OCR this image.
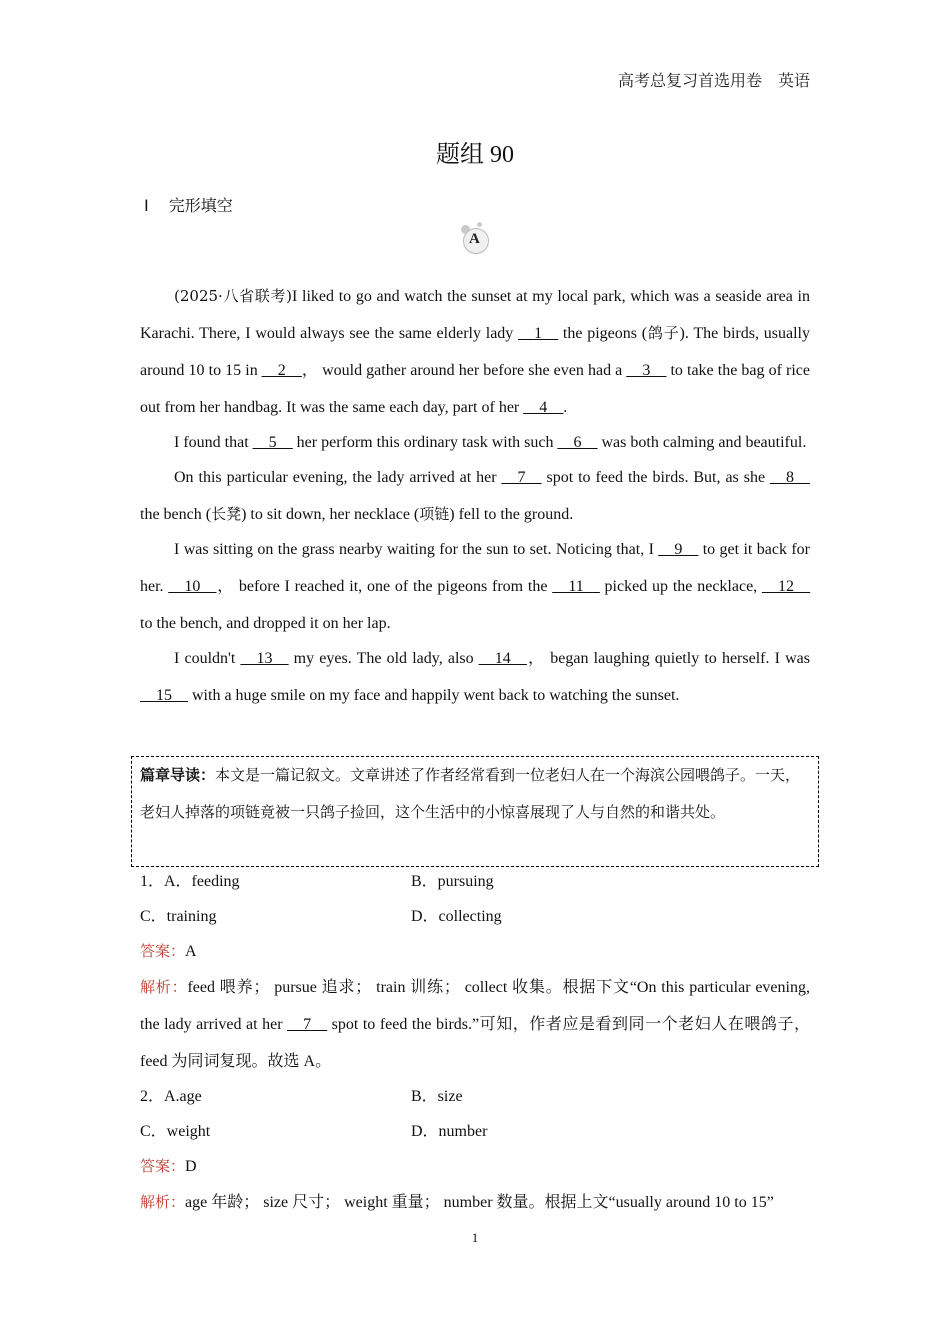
高考总复习首选用卷 英语
题组 90
Ⅰ 完形填空
A

(2025·八省联考)I liked to go and watch the sunset at my local park, which was a seaside area in Karachi. There, I would always see the same elderly lady __1__ the pigeons (鸽子). The birds, usually around 10 to 15 in __2__， would gather around her before she even had a __3__ to take the bag of rice out from her handbag. It was the same each day, part of her __4__.

I found that __5__ her perform this ordinary task with such __6__ was both calming and beautiful.

On this particular evening, the lady arrived at her __7__ spot to feed the birds. But, as she __8__ the bench (长凳) to sit down, her necklace (项链) fell to the ground.

I was sitting on the grass nearby waiting for the sun to set. Noticing that, I __9__ to get it back for her. __10__， before I reached it, one of the pigeons from the __11__ picked up the necklace, __12__ to the bench, and dropped it on her lap.

I couldn't __13__ my eyes. The old lady, also __14__， began laughing quietly to herself. I was __15__ with a huge smile on my face and happily went back to watching the sunset.

篇章导读：本文是一篇记叙文。文章讲述了作者经常看到一位老妇人在一个海滨公园喂鸽子。一天，老妇人掉落的项链竟被一只鸽子捡回，这个生活中的小惊喜展现了人与自然的和谐共处。
1．A．feeding	B．pursuing
C．training	D．collecting
答案：A
解析：feed 喂养； pursue 追求； train 训练； collect 收集。根据下文“On this particular evening, the lady arrived at her __7__ spot to feed the birds.”可知，作者应是看到同一个老妇人在喂鸽子，feed 为同词复现。故选 A。
2．A.age	B．size
C．weight	D．number
答案：D
解析：age 年龄； size 尺寸； weight 重量； number 数量。根据上文“usually around 10 to 15”
1
